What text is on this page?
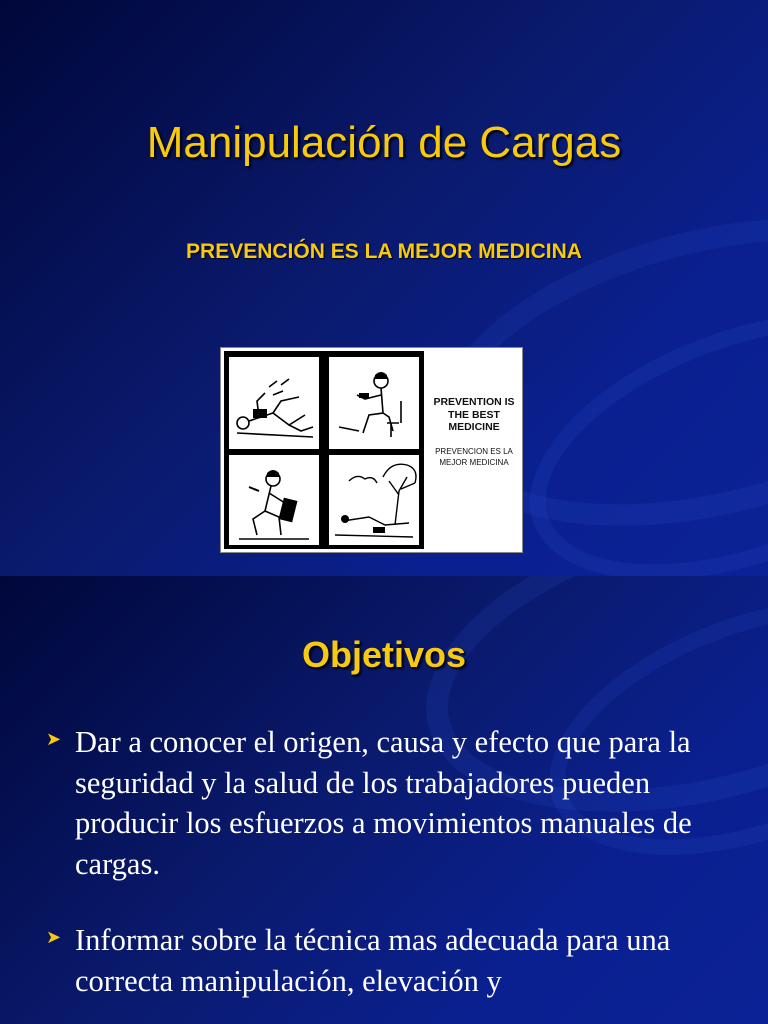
Manipulación de Cargas
PREVENCIÓN ES LA MEJOR MEDICINA
PREVENTION IS THE BEST MEDICINE
PREVENCION ES LA MEJOR MEDICINA
Objetivos
➤ Dar a conocer el origen, causa y efecto que para la seguridad y la salud de los trabajadores pueden producir los esfuerzos a movimientos manuales de cargas.
➤ Informar sobre la técnica mas adecuada para una correcta manipulación, elevación y
